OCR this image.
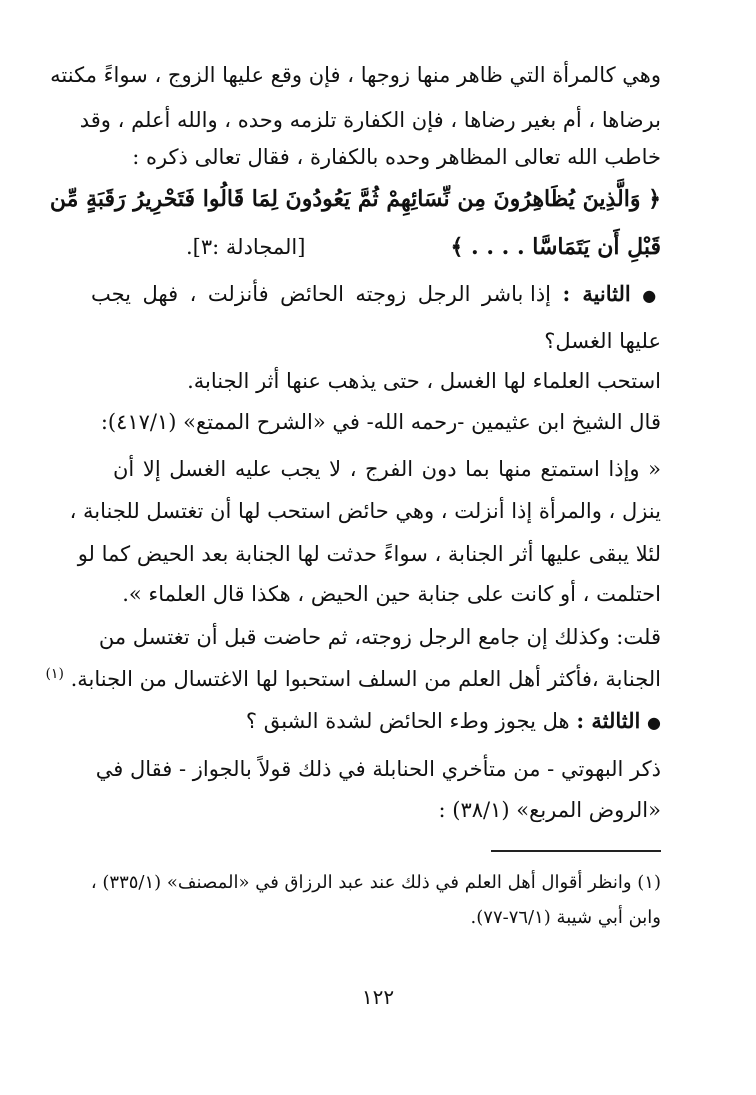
وهي كالمرأة التي ظاهر منها زوجها ، فإن وقع عليها الزوج ، سواءً مكنته
برضاها ، أم بغير رضاها ، فإن الكفارة تلزمه وحده ، والله أعلم ، وقد
خاطب الله تعالى المظاهر وحده بالكفارة ، فقال تعالى ذكره :
﴿ وَالَّذِينَ يُظَاهِرُونَ مِن نِّسَائِهِمْ ثُمَّ يَعُودُونَ لِمَا قَالُوا فَتَحْرِيرُ رَقَبَةٍ مِّن
قَبْلِ أَن يَتَمَاسَّا . . . . ﴾
[المجادلة :٣].
● الثانية : إذا باشر الرجل زوجته الحائض فأنزلت ، فهل يجب
عليها الغسل؟
استحب العلماء لها الغسل ، حتى يذهب عنها أثر الجنابة.
قال الشيخ ابن عثيمين -رحمه الله- في «الشرح الممتع» (٤١٧/١):
« وإذا استمتع منها بما دون الفرج ، لا يجب عليه الغسل إلا أن
ينزل ، والمرأة إذا أنزلت ، وهي حائض استحب لها أن تغتسل للجنابة ،
لئلا يبقى عليها أثر الجنابة ، سواءً حدثت لها الجنابة بعد الحيض كما لو
احتلمت ، أو كانت على جنابة حين الحيض ، هكذا قال العلماء ».
قلت: وكذلك إن جامع الرجل زوجته، ثم حاضت قبل أن تغتسل من
الجنابة ،فأكثر أهل العلم من السلف استحبوا لها الاغتسال من الجنابة. $^{(١)}$
● الثالثة : هل يجوز وطء الحائض لشدة الشبق ؟
ذكر البهوتي - من متأخري الحنابلة في ذلك قولاً بالجواز - فقال في
«الروض المربع» (٣٨/١) :
(١) وانظر أقوال أهل العلم في ذلك عند عبد الرزاق في «المصنف» (٣٣٥/١) ،
وابن أبي شيبة (٧٦/١-٧٧).
١٢٢
